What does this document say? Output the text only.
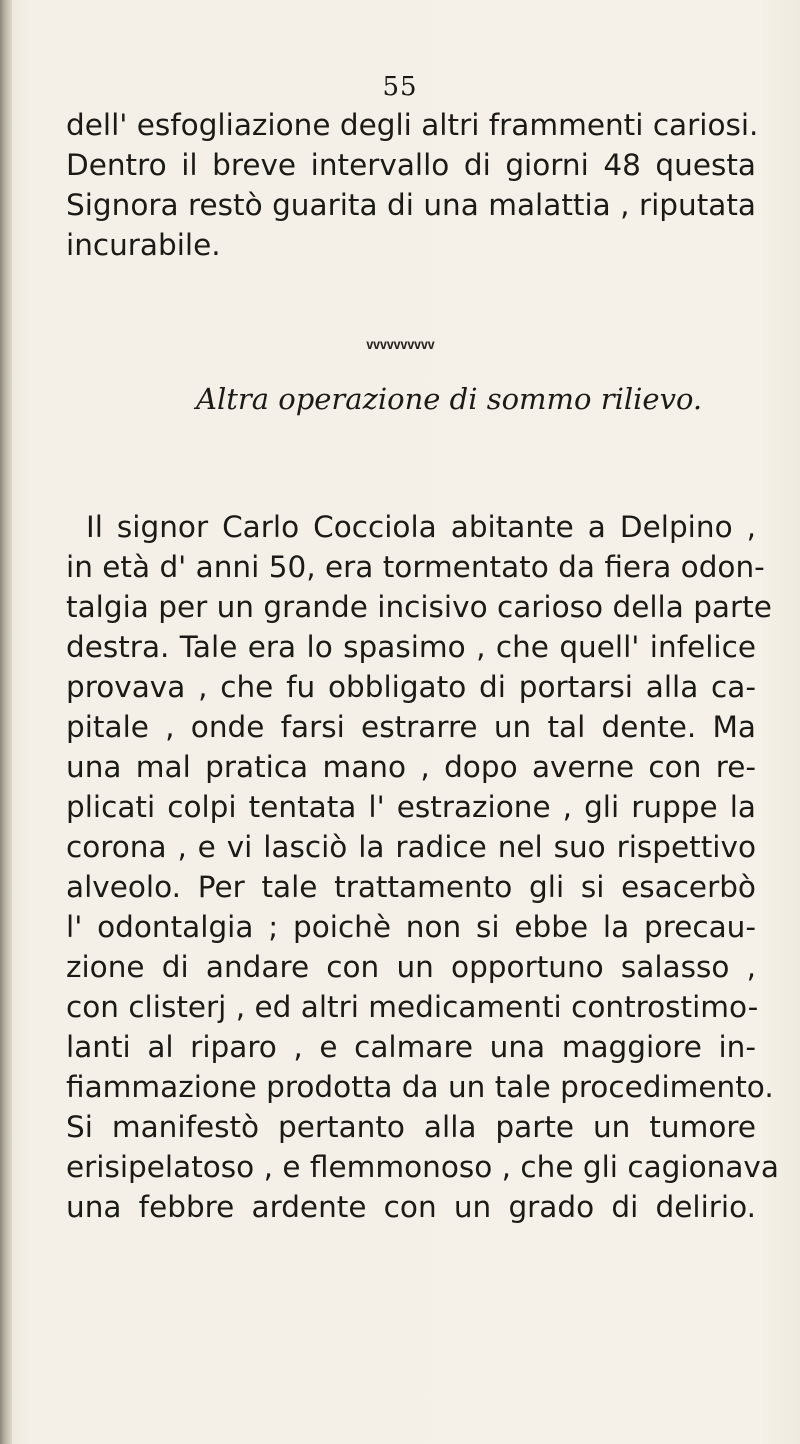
55
dell' esfogliazione degli altri frammenti cariosi.
Dentro il breve intervallo di giorni 48 questa
Signora restò guarita di una malattia , riputata
incurabile.
vvvvvvvvvv
Altra operazione di sommo rilievo.
Il signor Carlo Cocciola abitante a Delpino ,
in età d' anni 50, era tormentato da fiera odon-
talgia per un grande incisivo carioso della parte
destra. Tale era lo spasimo , che quell' infelice
provava , che fu obbligato di portarsi alla ca-
pitale , onde farsi estrarre un tal dente. Ma
una mal pratica mano , dopo averne con re-
plicati colpi tentata l' estrazione , gli ruppe la
corona , e vi lasciò la radice nel suo rispettivo
alveolo. Per tale trattamento gli si esacerbò
l' odontalgia ; poichè non si ebbe la precau-
zione di andare con un opportuno salasso ,
con clisterj , ed altri medicamenti controstimo-
lanti al riparo , e calmare una maggiore in-
fiammazione prodotta da un tale procedimento.
Si manifestò pertanto alla parte un tumore
erisipelatoso , e flemmonoso , che gli cagionava
una febbre ardente con un grado di delirio.
